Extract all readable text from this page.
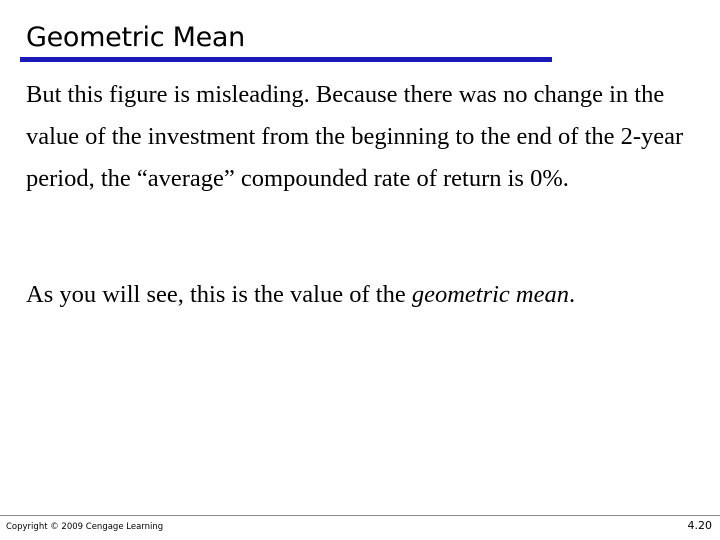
Geometric Mean

But this figure is misleading. Because there was no change in the value of the investment from the beginning to the end of the 2-year period, the “average” compounded rate of return is 0%.

As you will see, this is the value of the geometric mean.

Copyright © 2009 Cengage Learning	4.20
